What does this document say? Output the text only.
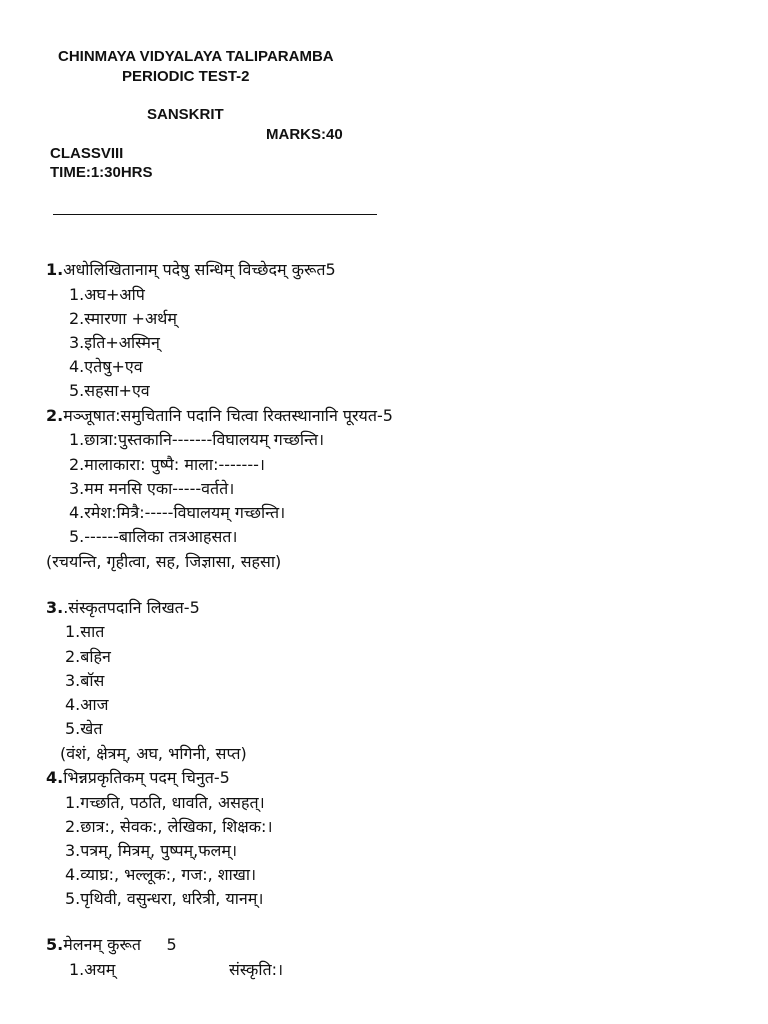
CHINMAYA VIDYALAYA TALIPARAMBA
PERIODIC TEST-2
SANSKRIT
MARKS:40
CLASSVIII
TIME:1:30HRS
1.अधोलिखितानाम् पदेषु सन्धिम् विच्छेदम् कुरूत5
1.अघ+अपि
2.स्मारणा +अर्थम्
3.इति+अस्मिन्
4.एतेषु+एव
5.सहसा+एव
2.मञ्जूषात:समुचितानि पदानि चित्वा रिक्तस्थानानि पूरयत-5
1.छात्रा:पुस्तकानि-------विघालयम् गच्छन्ति।
2.मालाकारा: पुष्पै: माला:-------।
3.मम मनसि एका-----वर्तते।
4.रमेश:मित्रै:-----विघालयम् गच्छन्ति।
5.------बालिका तत्रआहसत।
(रचयन्ति, गृहीत्वा, सह, जिज्ञासा, सहसा)
3..संस्कृतपदानि लिखत-5
1.सात
2.बहिन
3.बॉस
4.आज
5.खेत
(वंशं, क्षेत्रम्, अघ, भगिनी, सप्त)
4.भिन्नप्रकृतिकम् पदम् चिनुत-5
1.गच्छति, पठति, धावति, असहत्।
2.छात्र:, सेवक:, लेखिका, शिक्षक:।
3.पत्रम्, मित्रम्, पुष्पम्,फलम्।
4.व्याघ्र:, भल्लूक:, गज:, शाखा।
5.पृथिवी, वसुन्धरा, धरित्री, यानम्।
5.मेलनम् कुरूत     5
1.अयम्	संस्कृति:।
